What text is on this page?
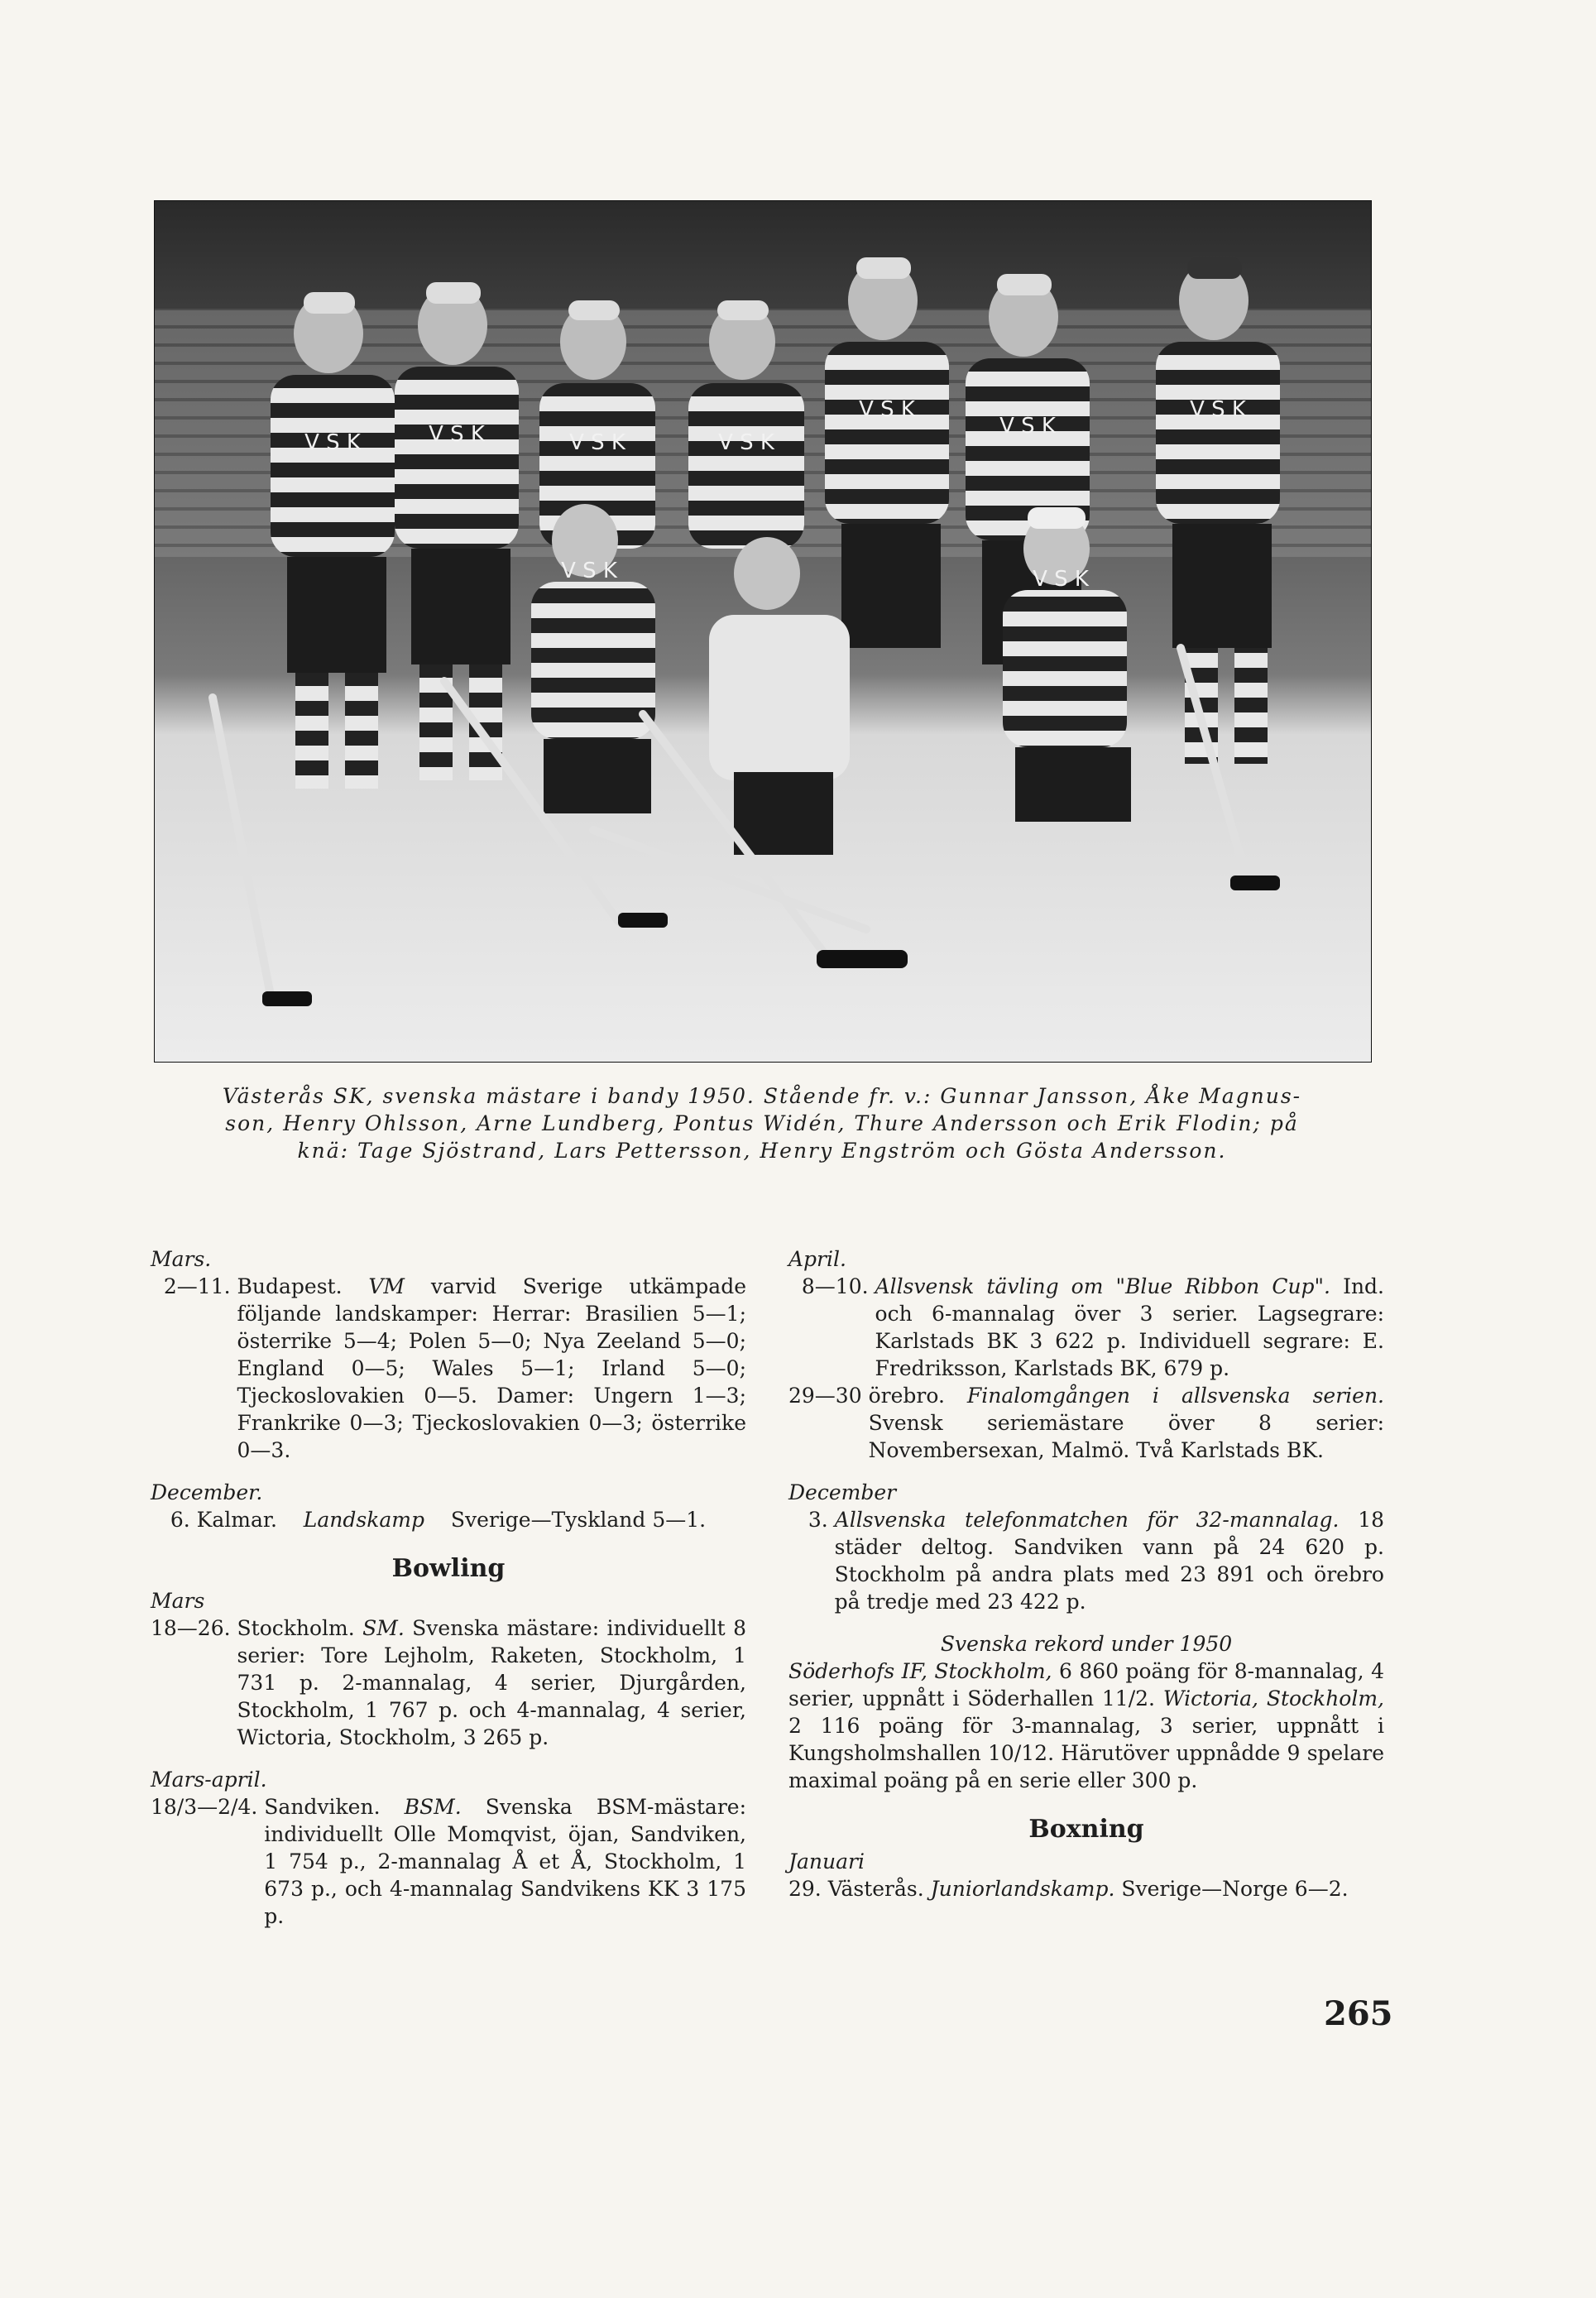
V S K	V S K	V S K	V S K
V S K
V S K
V S K
V S K	V S K
Västerås SK, svenska mästare i bandy 1950. Stående fr. v.: Gunnar Jansson, Åke Magnus-
son, Henry Ohlsson, Arne Lundberg, Pontus Widén, Thure Andersson och Erik Flodin; på
knä: Tage Sjöstrand, Lars Pettersson, Henry Engström och Gösta Andersson.
Mars.
2—11. Budapest. VM varvid Sverige utkämpade följande landskamper: Herrar: Brasilien 5—1; österrike 5—4; Polen 5—0; Nya Zeeland 5—0; England 0—5; Wales 5—1; Irland 5—0; Tjeckoslovakien 0—5. Damer: Ungern 1—3; Frankrike 0—3; Tjeckoslovakien 0—3; österrike 0—3.
December.
6. Kalmar. Landskamp Sverige—Tyskland 5—1.
Bowling
Mars
18—26. Stockholm. SM. Svenska mästare: individuellt 8 serier: Tore Lejholm, Raketen, Stockholm, 1 731 p. 2-mannalag, 4 serier, Djurgården, Stockholm, 1 767 p. och 4-mannalag, 4 serier, Wictoria, Stockholm, 3 265 p.
Mars-april.
18/3—2/4. Sandviken. BSM. Svenska BSM-mästare: individuellt Olle Momqvist, öjan, Sandviken, 1 754 p., 2-mannalag Å et Å, Stockholm, 1 673 p., och 4-mannalag Sandvikens KK 3 175 p.
April.
8—10. Allsvensk tävling om "Blue Ribbon Cup". Ind. och 6-mannalag över 3 serier. Lagsegrare: Karlstads BK 3 622 p. Individuell segrare: E. Fredriksson, Karlstads BK, 679 p.
29—30 örebro. Finalomgången i allsvenska serien. Svensk seriemästare över 8 serier: Novembersexan, Malmö. Två Karlstads BK.
December
3. Allsvenska telefonmatchen för 32-mannalag. 18 städer deltog. Sandviken vann på 24 620 p. Stockholm på andra plats med 23 891 och örebro på tredje med 23 422 p.
Svenska rekord under 1950
Söderhofs IF, Stockholm, 6 860 poäng för 8-mannalag, 4 serier, uppnått i Söderhallen 11/2. Wictoria, Stockholm, 2 116 poäng för 3-mannalag, 3 serier, uppnått i Kungsholmshallen 10/12. Härutöver uppnådde 9 spelare maximal poäng på en serie eller 300 p.
Boxning
Januari
29. Västerås. Juniorlandskamp. Sverige—Norge 6—2.
265
